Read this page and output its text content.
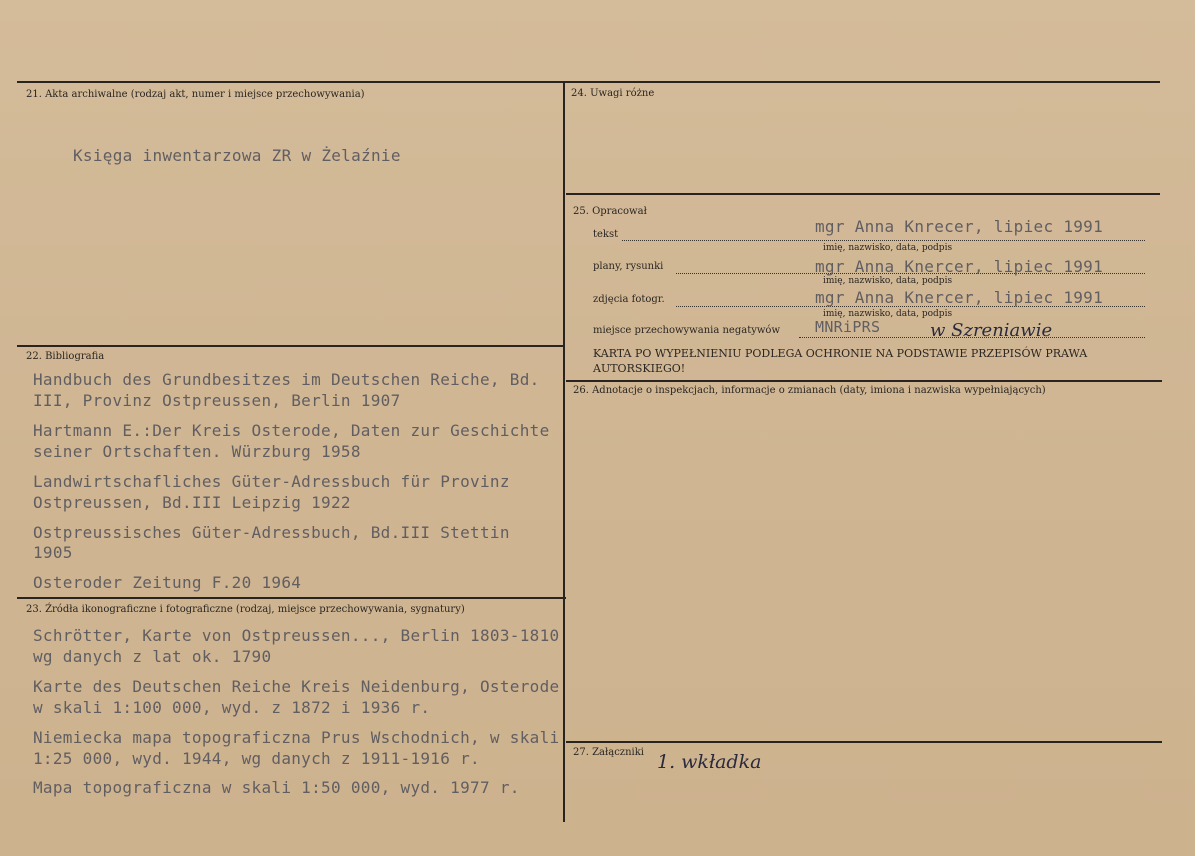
21. Akta archiwalne (rodzaj akt, numer i miejsce przechowywania)
Księga inwentarzowa ZR w Żelaźnie
22. Bibliografia
Handbuch des Grundbesitzes im Deutschen Reiche, Bd.
III, Provinz Ostpreussen, Berlin 1907
Hartmann E.:Der Kreis Osterode, Daten zur Geschichte
seiner Ortschaften. Würzburg 1958
Landwirtschafliches Güter-Adressbuch für Provinz
Ostpreussen, Bd.III Leipzig 1922
Ostpreussisches Güter-Adressbuch, Bd.III Stettin
1905
Osteroder Zeitung F.20 1964
23. Źródła ikonograficzne i fotograficzne (rodzaj, miejsce przechowywania, sygnatury)
Schrötter, Karte von Ostpreussen..., Berlin 1803-1810
wg danych z lat ok. 1790
Karte des Deutschen Reiche Kreis Neidenburg, Osterode
w skali 1:100 000, wyd. z 1872 i 1936 r.
Niemiecka mapa topograficzna Prus Wschodnich, w skali
1:25 000, wyd. 1944, wg danych z 1911-1916 r.
Mapa topograficzna w skali 1:50 000, wyd. 1977 r.
24. Uwagi różne
25. Opracował
tekst	mgr Anna Knrecer, lipiec 1991
imię, nazwisko, data, podpis
plany, rysunki	mgr Anna Knercer, lipiec 1991
imię, nazwisko, data, podpis
zdjęcia fotogr.	mgr Anna Knercer, lipiec 1991
imię, nazwisko, data, podpis
miejsce przechowywania negatywów MNRiPRS	w Szreniawie
KARTA PO WYPEŁNIENIU PODLEGA OCHRONIE NA PODSTAWIE PRZEPISÓW PRAWA
AUTORSKIEGO!
26. Adnotacje o inspekcjach, informacje o zmianach (daty, imiona i nazwiska wypełniających)
27. Załączniki 1. wkładka
